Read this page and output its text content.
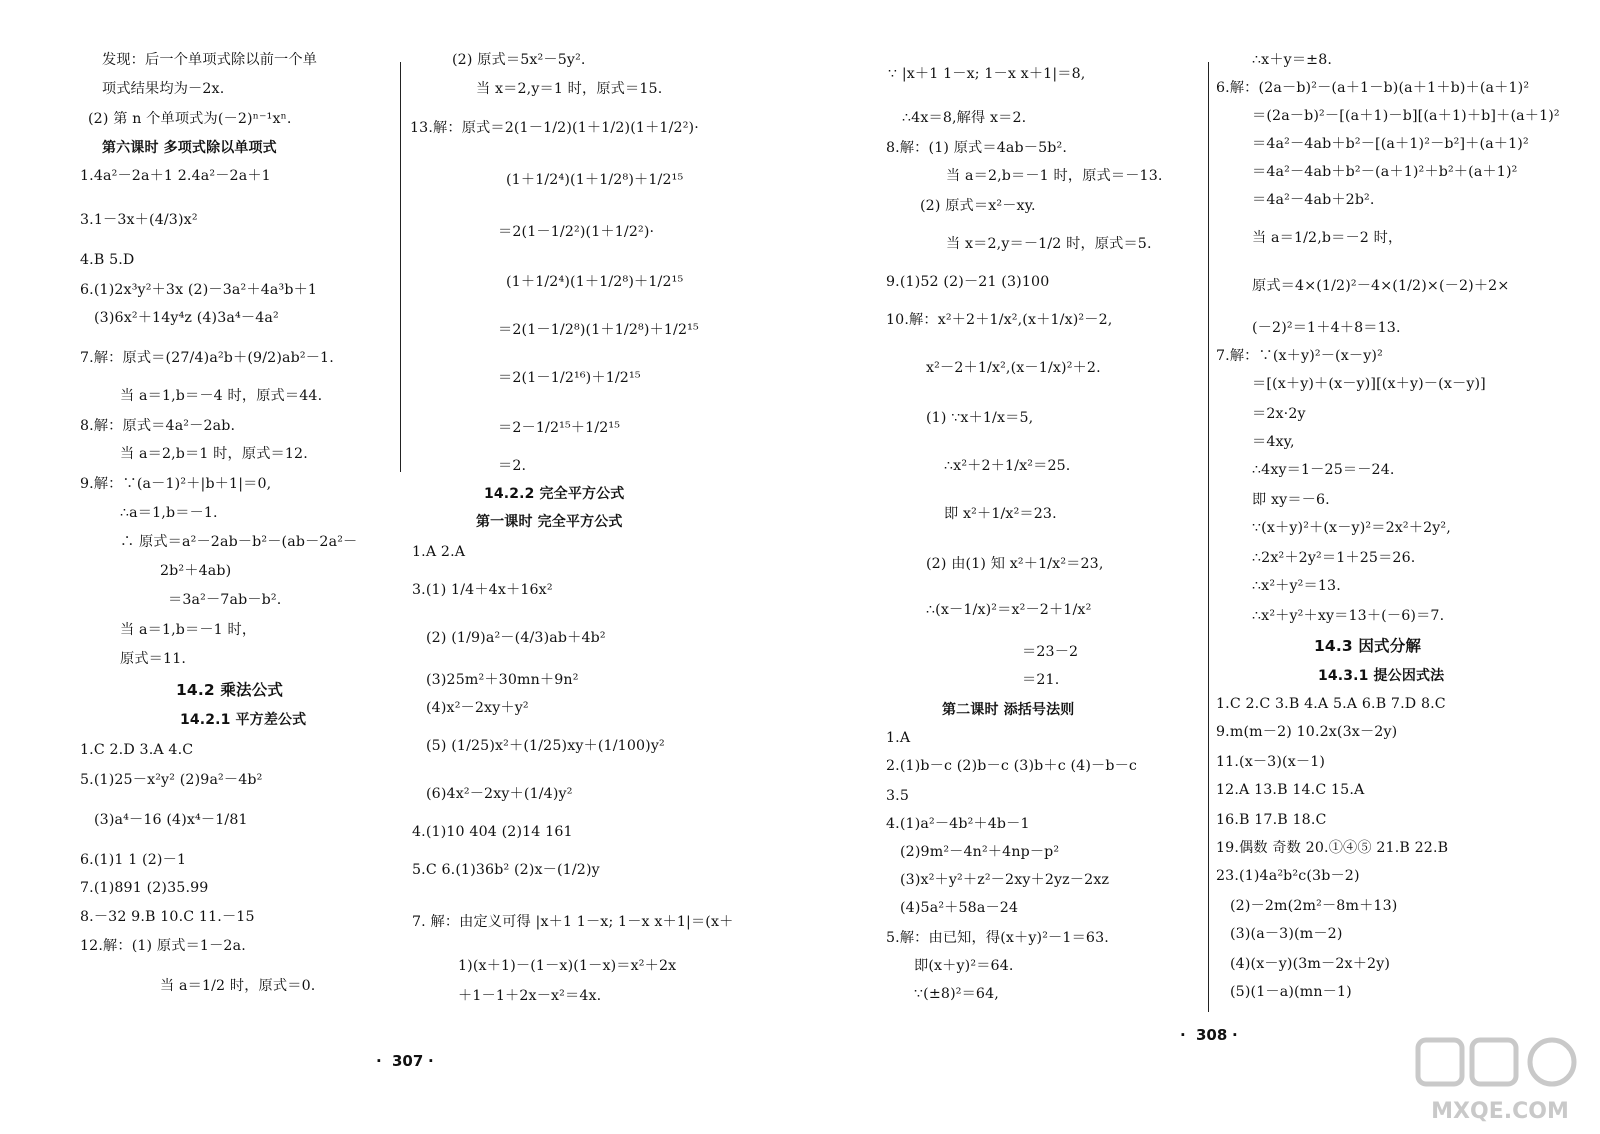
发现：后一个单项式除以前一个单
项式结果均为－2x.
(2) 第 n 个单项式为(－2)ⁿ⁻¹xⁿ.
第六课时 多项式除以单项式
1.4a²－2a＋1 2.4a²－2a＋1
3.1－3x＋(4/3)x²
4.B 5.D
6.(1)2x³y²＋3x (2)－3a²＋4a³b＋1
(3)6x²＋14y⁴z (4)3a⁴－4a²
7.解：原式＝(27/4)a²b＋(9/2)ab²－1.
当 a＝1,b＝－4 时，原式＝44.
8.解：原式＝4a²－2ab.
当 a＝2,b＝1 时，原式＝12.
9.解：∵(a－1)²＋|b＋1|＝0,
∴a＝1,b＝－1.
∴ 原式＝a²－2ab－b²－(ab－2a²－
2b²＋4ab)
＝3a²－7ab－b².
当 a＝1,b＝－1 时，
原式＝11.
14.2 乘法公式
14.2.1 平方差公式
1.C 2.D 3.A 4.C
5.(1)25－x²y² (2)9a²－4b²
(3)a⁴－16 (4)x⁴－1/81
6.(1)1 1 (2)－1
7.(1)891 (2)35.99
8.－32 9.B 10.C 11.－15
12.解：(1) 原式＝1－2a.
当 a＝1/2 时，原式＝0.
(2) 原式＝5x²－5y².
当 x＝2,y＝1 时，原式＝15.
13.解：原式＝2(1－1/2)(1＋1/2)(1＋1/2²)·
(1＋1/2⁴)(1＋1/2⁸)＋1/2¹⁵
＝2(1－1/2²)(1＋1/2²)·
(1＋1/2⁴)(1＋1/2⁸)＋1/2¹⁵
＝2(1－1/2⁸)(1＋1/2⁸)＋1/2¹⁵
＝2(1－1/2¹⁶)＋1/2¹⁵
＝2－1/2¹⁵＋1/2¹⁵
＝2.
14.2.2 完全平方公式
第一课时 完全平方公式
1.A 2.A
3.(1) 1/4＋4x＋16x²
(2) (1/9)a²－(4/3)ab＋4b²
(3)25m²＋30mn＋9n²
(4)x²－2xy＋y²
(5) (1/25)x²＋(1/25)xy＋(1/100)y²
(6)4x²－2xy＋(1/4)y²
4.(1)10 404 (2)14 161
5.C 6.(1)36b² (2)x－(1/2)y
7. 解：由定义可得 |x＋1 1－x; 1－x x＋1|＝(x＋
1)(x＋1)－(1－x)(1－x)＝x²＋2x
＋1－1＋2x－x²＝4x.
307
·	·
∵ |x＋1 1－x; 1－x x＋1|＝8,
∴4x＝8,解得 x＝2.
8.解：(1) 原式＝4ab－5b².
当 a＝2,b＝－1 时，原式＝－13.
(2) 原式＝x²－xy.
当 x＝2,y＝－1/2 时，原式＝5.
9.(1)52 (2)－21 (3)100
10.解：x²＋2＋1/x²,(x＋1/x)²－2,
x²－2＋1/x²,(x－1/x)²＋2.
(1) ∵x＋1/x＝5,
∴x²＋2＋1/x²＝25.
即 x²＋1/x²＝23.
(2) 由(1) 知 x²＋1/x²＝23,
∴(x－1/x)²＝x²－2＋1/x²
＝23－2
＝21.
第二课时 添括号法则
1.A
2.(1)b－c (2)b－c (3)b＋c (4)－b－c
3.5
4.(1)a²－4b²＋4b－1
(2)9m²－4n²＋4np－p²
(3)x²＋y²＋z²－2xy＋2yz－2xz
(4)5a²＋58a－24
5.解：由已知，得(x＋y)²－1＝63.
即(x＋y)²＝64.
∵(±8)²＝64,
∴x＋y＝±8.
6.解：(2a－b)²－(a＋1－b)(a＋1＋b)＋(a＋1)²
＝(2a－b)²－[(a＋1)－b][(a＋1)＋b]＋(a＋1)²
＝4a²－4ab＋b²－[(a＋1)²－b²]＋(a＋1)²
＝4a²－4ab＋b²－(a＋1)²＋b²＋(a＋1)²
＝4a²－4ab＋2b².
当 a＝1/2,b＝－2 时，
原式＝4×(1/2)²－4×(1/2)×(－2)＋2×
(－2)²＝1＋4＋8＝13.
7.解：∵(x＋y)²－(x－y)²
＝[(x＋y)＋(x－y)][(x＋y)－(x－y)]
＝2x·2y
＝4xy,
∴4xy＝1－25＝－24.
即 xy＝－6.
∵(x＋y)²＋(x－y)²＝2x²＋2y²,
∴2x²＋2y²＝1＋25＝26.
∴x²＋y²＝13.
∴x²＋y²＋xy＝13＋(－6)＝7.
14.3 因式分解
14.3.1 提公因式法
1.C 2.C 3.B 4.A 5.A 6.B 7.D 8.C
9.m(m－2) 10.2x(3x－2y)
11.(x－3)(x－1)
12.A 13.B 14.C 15.A
16.B 17.B 18.C
19.偶数 奇数 20.①④⑤ 21.B 22.B
23.(1)4a²b²c(3b－2)
(2)－2m(2m²－8m＋13)
(3)(a－3)(m－2)
(4)(x－y)(3m－2x＋2y)
(5)(1－a)(mn－1)
308
·	·
MXQE.COM
